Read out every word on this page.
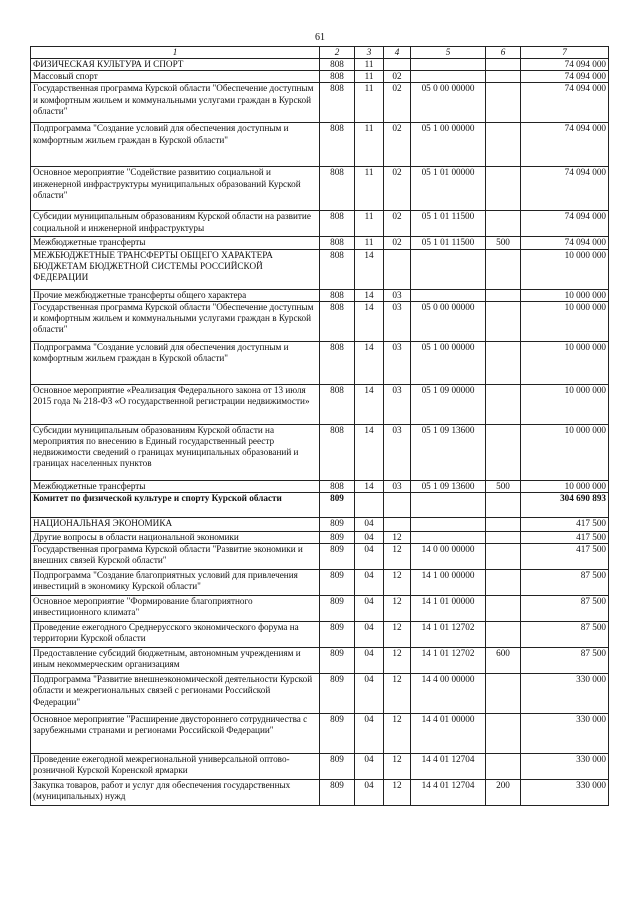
61
1	2	3	4	5	6	7
ФИЗИЧЕСКАЯ КУЛЬТУРА И СПОРТ	808	11				74 094 000
Массовый спорт	808	11	02			74 094 000
Государственная программа Курской области "Обеспечение доступным и комфортным жильем и коммунальными услугами граждан в Курской области"	808	11	02	05 0 00 00000		74 094 000
Подпрограмма "Создание условий для обеспечения доступным и комфортным жильем граждан в Курской области"	808	11	02	05 1 00 00000		74 094 000
Основное мероприятие "Содействие развитию социальной и инженерной инфраструктуры муниципальных образований Курской области"	808	11	02	05 1 01 00000		74 094 000
Субсидии муниципальным образованиям Курской области на развитие социальной и инженерной инфраструктуры	808	11	02	05 1 01 11500		74 094 000
Межбюджетные трансферты	808	11	02	05 1 01 11500	500	74 094 000
МЕЖБЮДЖЕТНЫЕ ТРАНСФЕРТЫ ОБЩЕГО ХАРАКТЕРА БЮДЖЕТАМ БЮДЖЕТНОЙ СИСТЕМЫ РОССИЙСКОЙ ФЕДЕРАЦИИ	808	14				10 000 000
Прочие межбюджетные трансферты общего характера	808	14	03			10 000 000
Государственная программа Курской области "Обеспечение доступным и комфортным жильем и коммунальными услугами граждан в Курской области"	808	14	03	05 0 00 00000		10 000 000
Подпрограмма "Создание условий для обеспечения доступным и комфортным жильем граждан в Курской области"	808	14	03	05 1 00 00000		10 000 000
Основное мероприятие «Реализация Федерального закона от 13 июля 2015 года № 218-ФЗ «О государственной регистрации недвижимости»	808	14	03	05 1 09 00000		10 000 000
Субсидии муниципальным образованиям Курской области на мероприятия по внесению в Единый государственный реестр недвижимости сведений о границах муниципальных образований и границах населенных пунктов	808	14	03	05 1 09 13600		10 000 000
Межбюджетные трансферты	808	14	03	05 1 09 13600	500	10 000 000
Комитет по физической культуре и спорту Курской области	809					304 690 893
НАЦИОНАЛЬНАЯ ЭКОНОМИКА	809	04				417 500
Другие вопросы в области национальной экономики	809	04	12			417 500
Государственная программа Курской области "Развитие экономики и внешних связей Курской области"	809	04	12	14 0 00 00000		417 500
Подпрограмма "Создание благоприятных условий для привлечения инвестиций в экономику Курской области"	809	04	12	14 1 00 00000		87 500
Основное мероприятие "Формирование благоприятного инвестиционного климата"	809	04	12	14 1 01 00000		87 500
Проведение ежегодного Среднерусского экономического форума на территории Курской области	809	04	12	14 1 01 12702		87 500
Предоставление субсидий бюджетным, автономным учреждениям и иным некоммерческим организациям	809	04	12	14 1 01 12702	600	87 500
Подпрограмма "Развитие внешнеэкономической деятельности Курской области и межрегиональных связей с регионами Российской Федерации"	809	04	12	14 4 00 00000		330 000
Основное мероприятие "Расширение двустороннего сотрудничества с зарубежными странами и регионами Российской Федерации"	809	04	12	14 4 01 00000		330 000
Проведение ежегодной межрегиональной универсальной оптово-розничной Курской Коренской ярмарки	809	04	12	14 4 01 12704		330 000
Закупка товаров, работ и услуг для обеспечения государственных (муниципальных) нужд	809	04	12	14 4 01 12704	200	330 000
